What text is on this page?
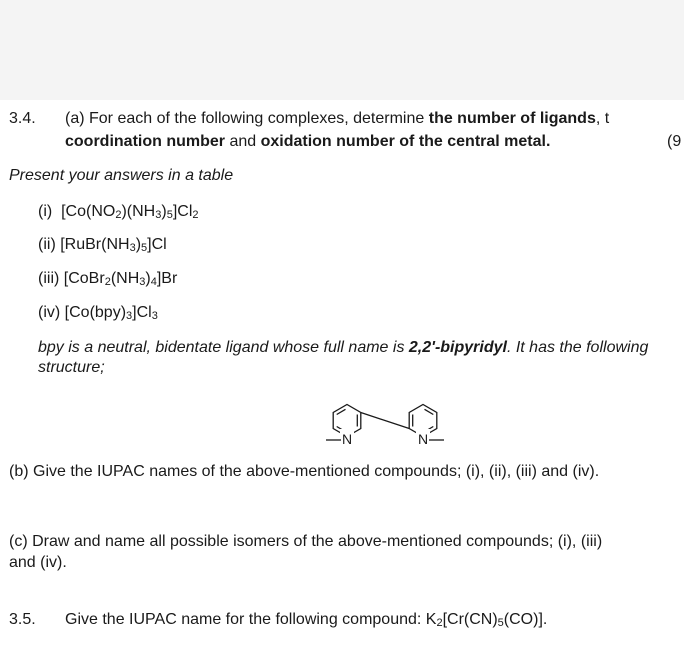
3.4. (a) For each of the following complexes, determine the number of ligands, t
coordination number and oxidation number of the central metal.	(9
Present your answers in a table
(i) $[Co(NO_2)(NH_3)_5]Cl_2$
(ii) $[RuBr(NH_3)_5]Cl$
(iii) $[CoBr_2(NH_3)_4]Br$
(iv) $[Co(bpy)_3]Cl_3$
bpy is a neutral, bidentate ligand whose full name is 2,2'-bipyridyl. It has the following
structure;
N	N
(b) Give the IUPAC names of the above-mentioned compounds; (i), (ii), (iii) and (iv).
(c) Draw and name all possible isomers of the above-mentioned compounds; (i), (iii)
and (iv).
3.5. Give the IUPAC name for the following compound: $K_2[Cr(CN)_5(CO)]$.
